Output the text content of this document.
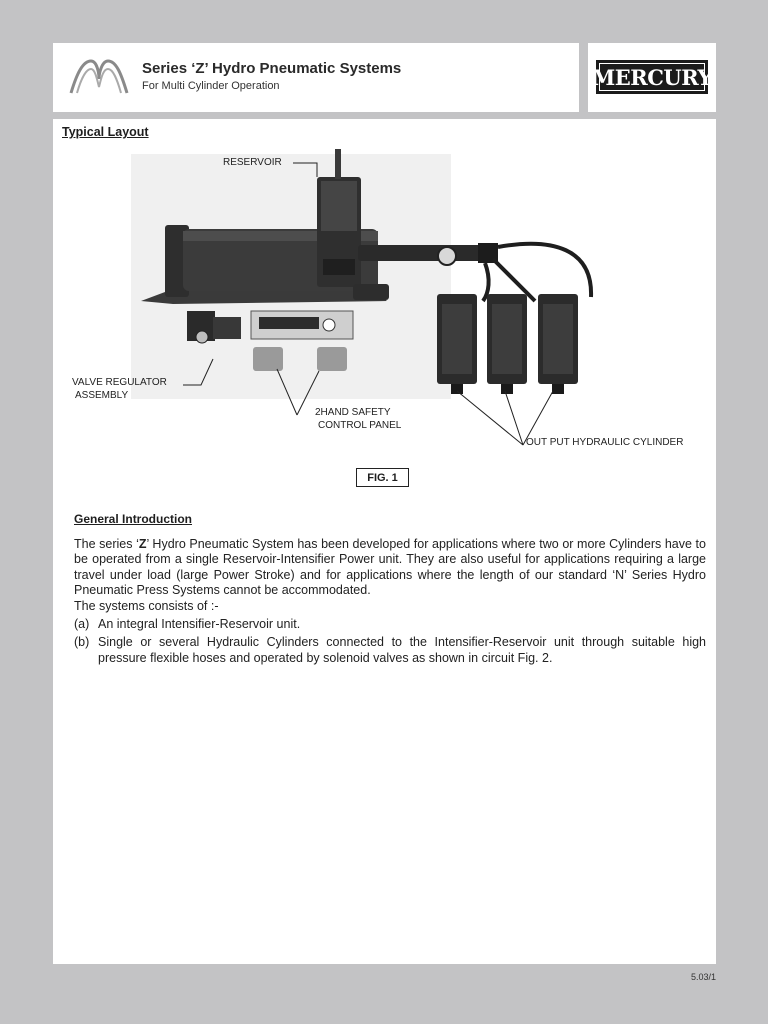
Series ‘Z’ Hydro Pneumatic Systems
For Multi Cylinder Operation	MERCURY
Typical Layout
RESERVOIR
VALVE REGULATOR
ASSEMBLY
2HAND SAFETY
CONTROL PANEL
OUT PUT HYDRAULIC CYLINDER
FIG. 1
General Introduction

The series ‘Z’ Hydro Pneumatic System has been developed for applications where two or more Cylinders have to be operated from a single Reservoir-Intensifier Power unit. They are also useful for applications requiring a large travel under load (large Power Stroke) and for applications where the length of our standard ‘N’ Series Hydro Pneumatic Press Systems cannot be accommodated.

The systems consists of :-

(a) An integral Intensifier-Reservoir unit.
(b) Single or several Hydraulic Cylinders connected to the Intensifier-Reservoir unit through suitable high pressure flexible hoses and operated by solenoid valves as shown in circuit Fig. 2.
5.03/1
